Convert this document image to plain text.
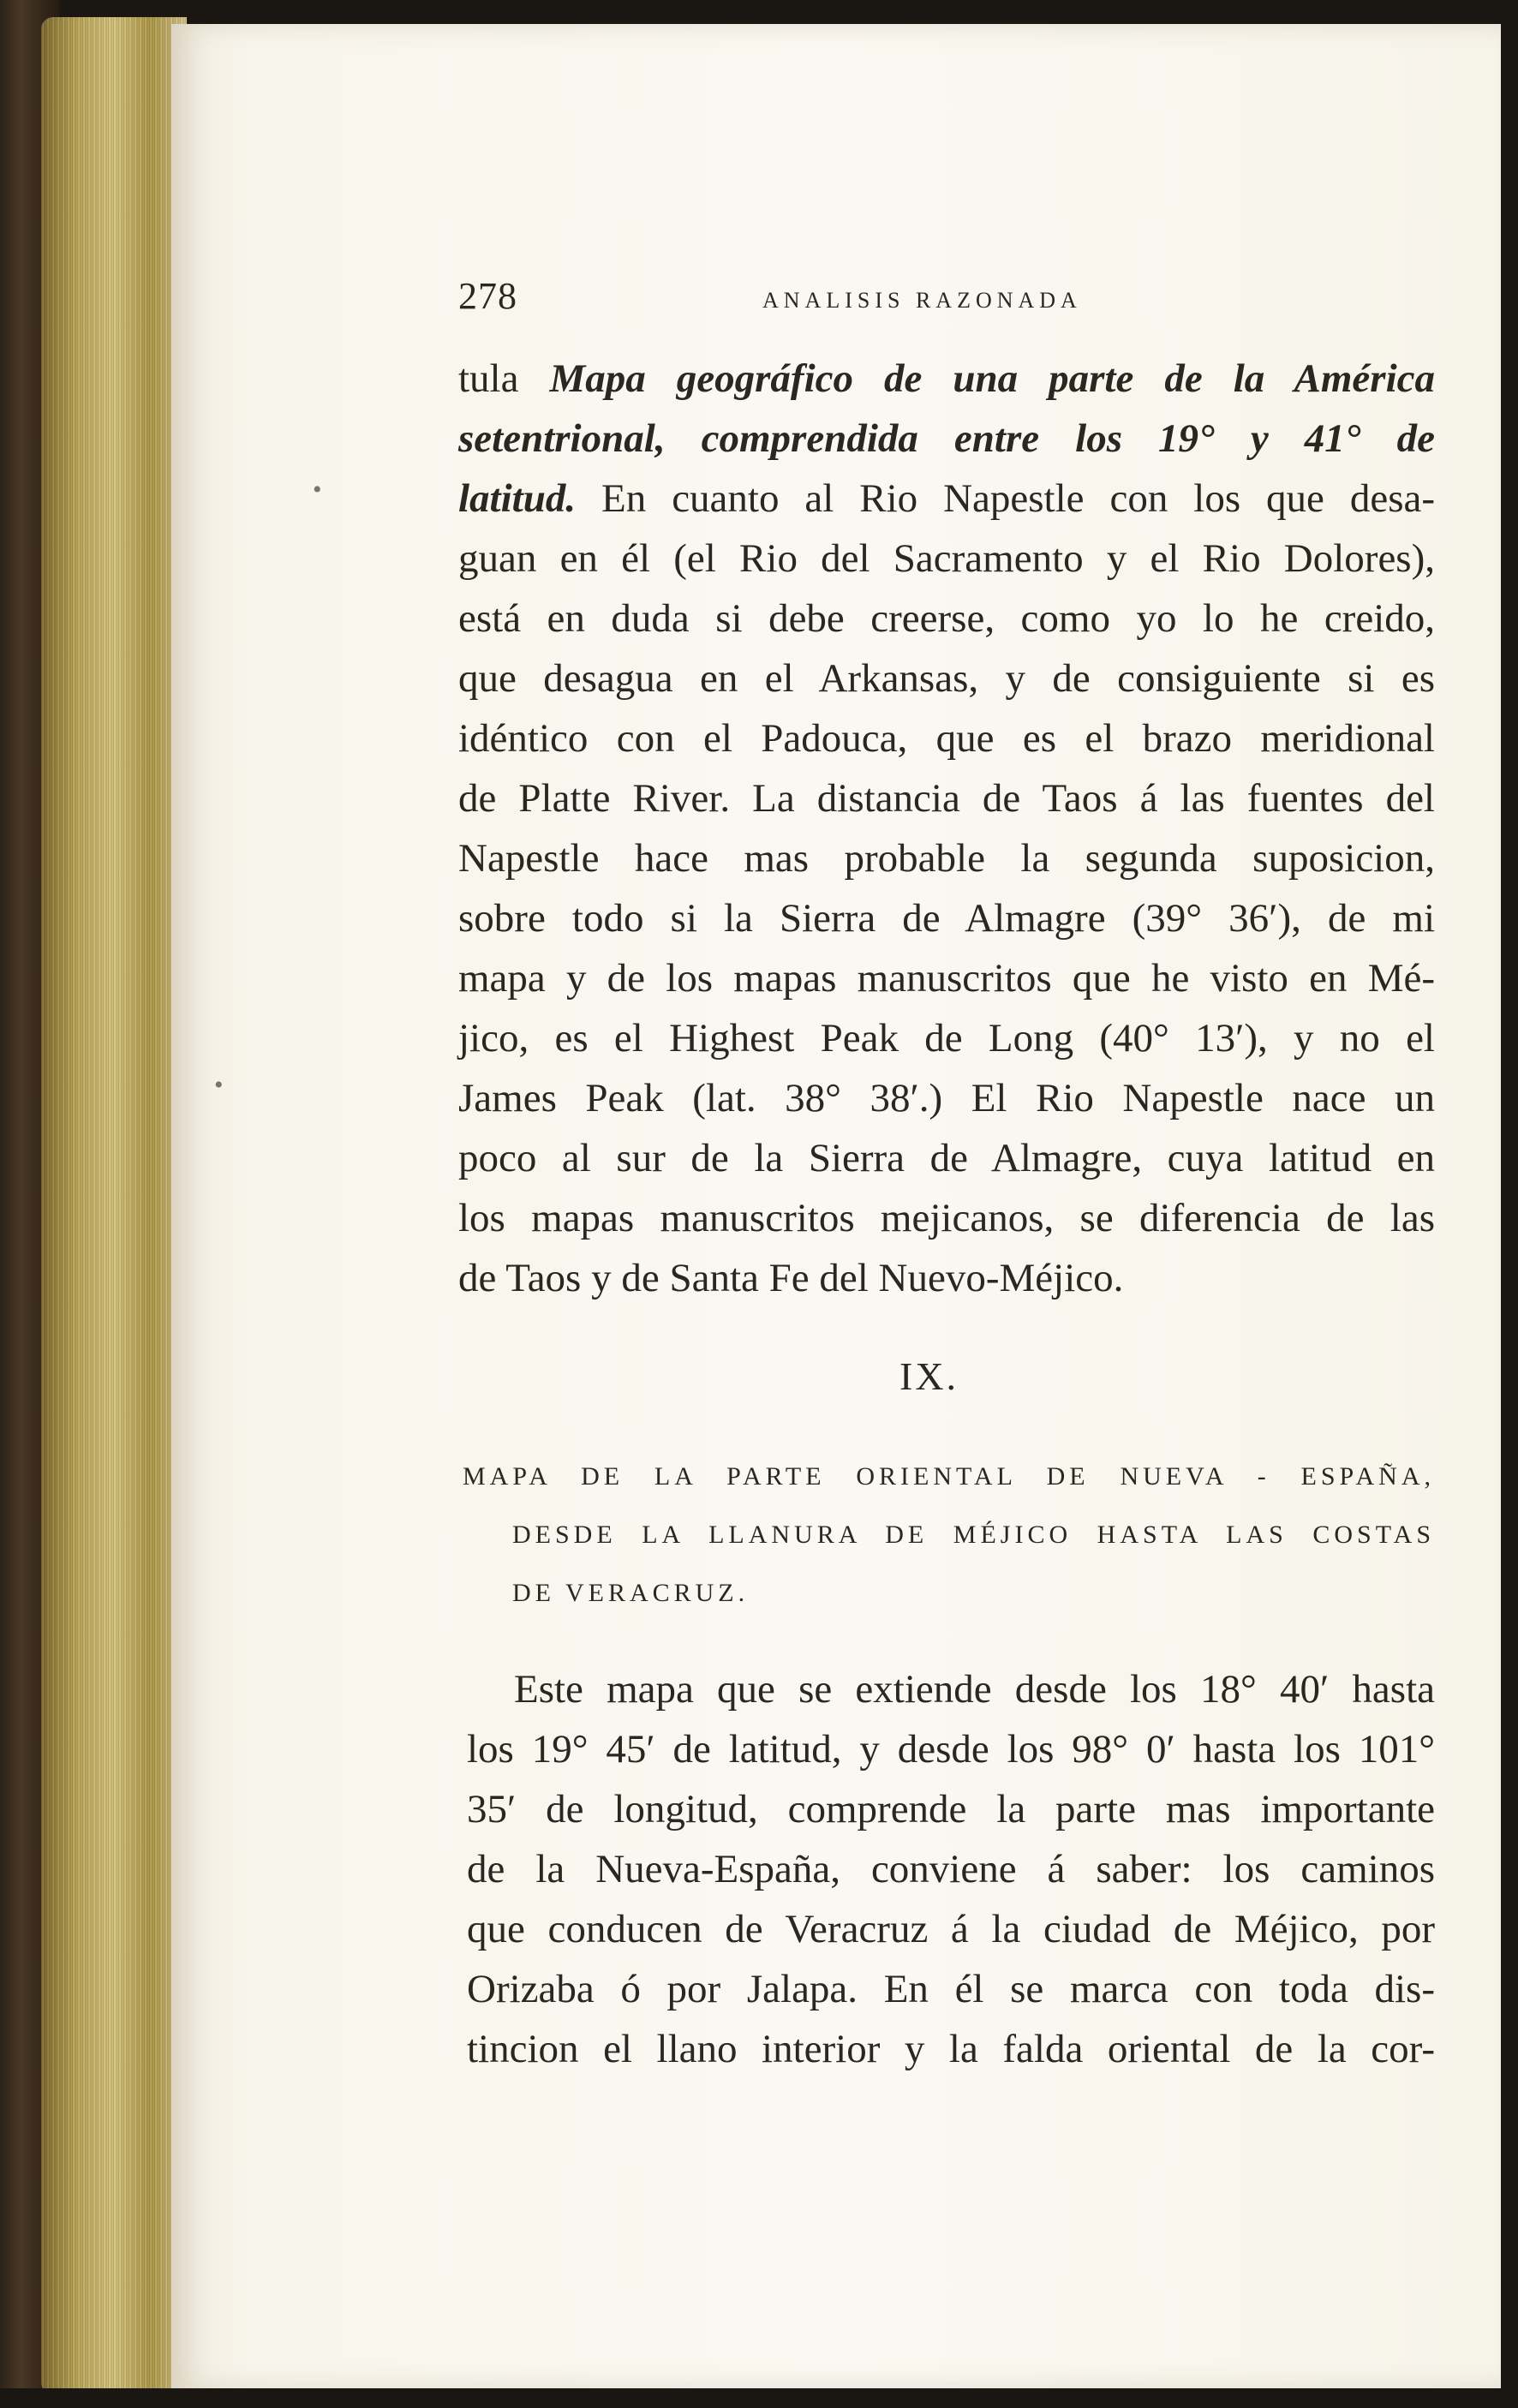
278	ANALISIS RAZONADA
•
•
tula Mapa geográfico de una parte de la América
setentrional, comprendida entre los 19° y 41° de
latitud. En cuanto al Rio Napestle con los que desa-
guan en él (el Rio del Sacramento y el Rio Dolores),
está en duda si debe creerse, como yo lo he creido,
que desagua en el Arkansas, y de consiguiente si es
idéntico con el Padouca, que es el brazo meridional
de Platte River. La distancia de Taos á las fuentes del
Napestle hace mas probable la segunda suposicion,
sobre todo si la Sierra de Almagre (39° 36′), de mi
mapa y de los mapas manuscritos que he visto en Mé-
jico, es el Highest Peak de Long (40° 13′), y no el
James Peak (lat. 38° 38′.) El Rio Napestle nace un
poco al sur de la Sierra de Almagre, cuya latitud en
los mapas manuscritos mejicanos, se diferencia de las
de Taos y de Santa Fe del Nuevo-Méjico.
IX.
MAPA DE LA PARTE ORIENTAL DE NUEVA - ESPAÑA,
DESDE LA LLANURA DE MÉJICO HASTA LAS COSTAS
DE VERACRUZ.
Este mapa que se extiende desde los 18° 40′ hasta
los 19° 45′ de latitud, y desde los 98° 0′ hasta los 101°
35′ de longitud, comprende la parte mas importante
de la Nueva-España, conviene á saber: los caminos
que conducen de Veracruz á la ciudad de Méjico, por
Orizaba ó por Jalapa. En él se marca con toda dis-
tincion el llano interior y la falda oriental de la cor-
